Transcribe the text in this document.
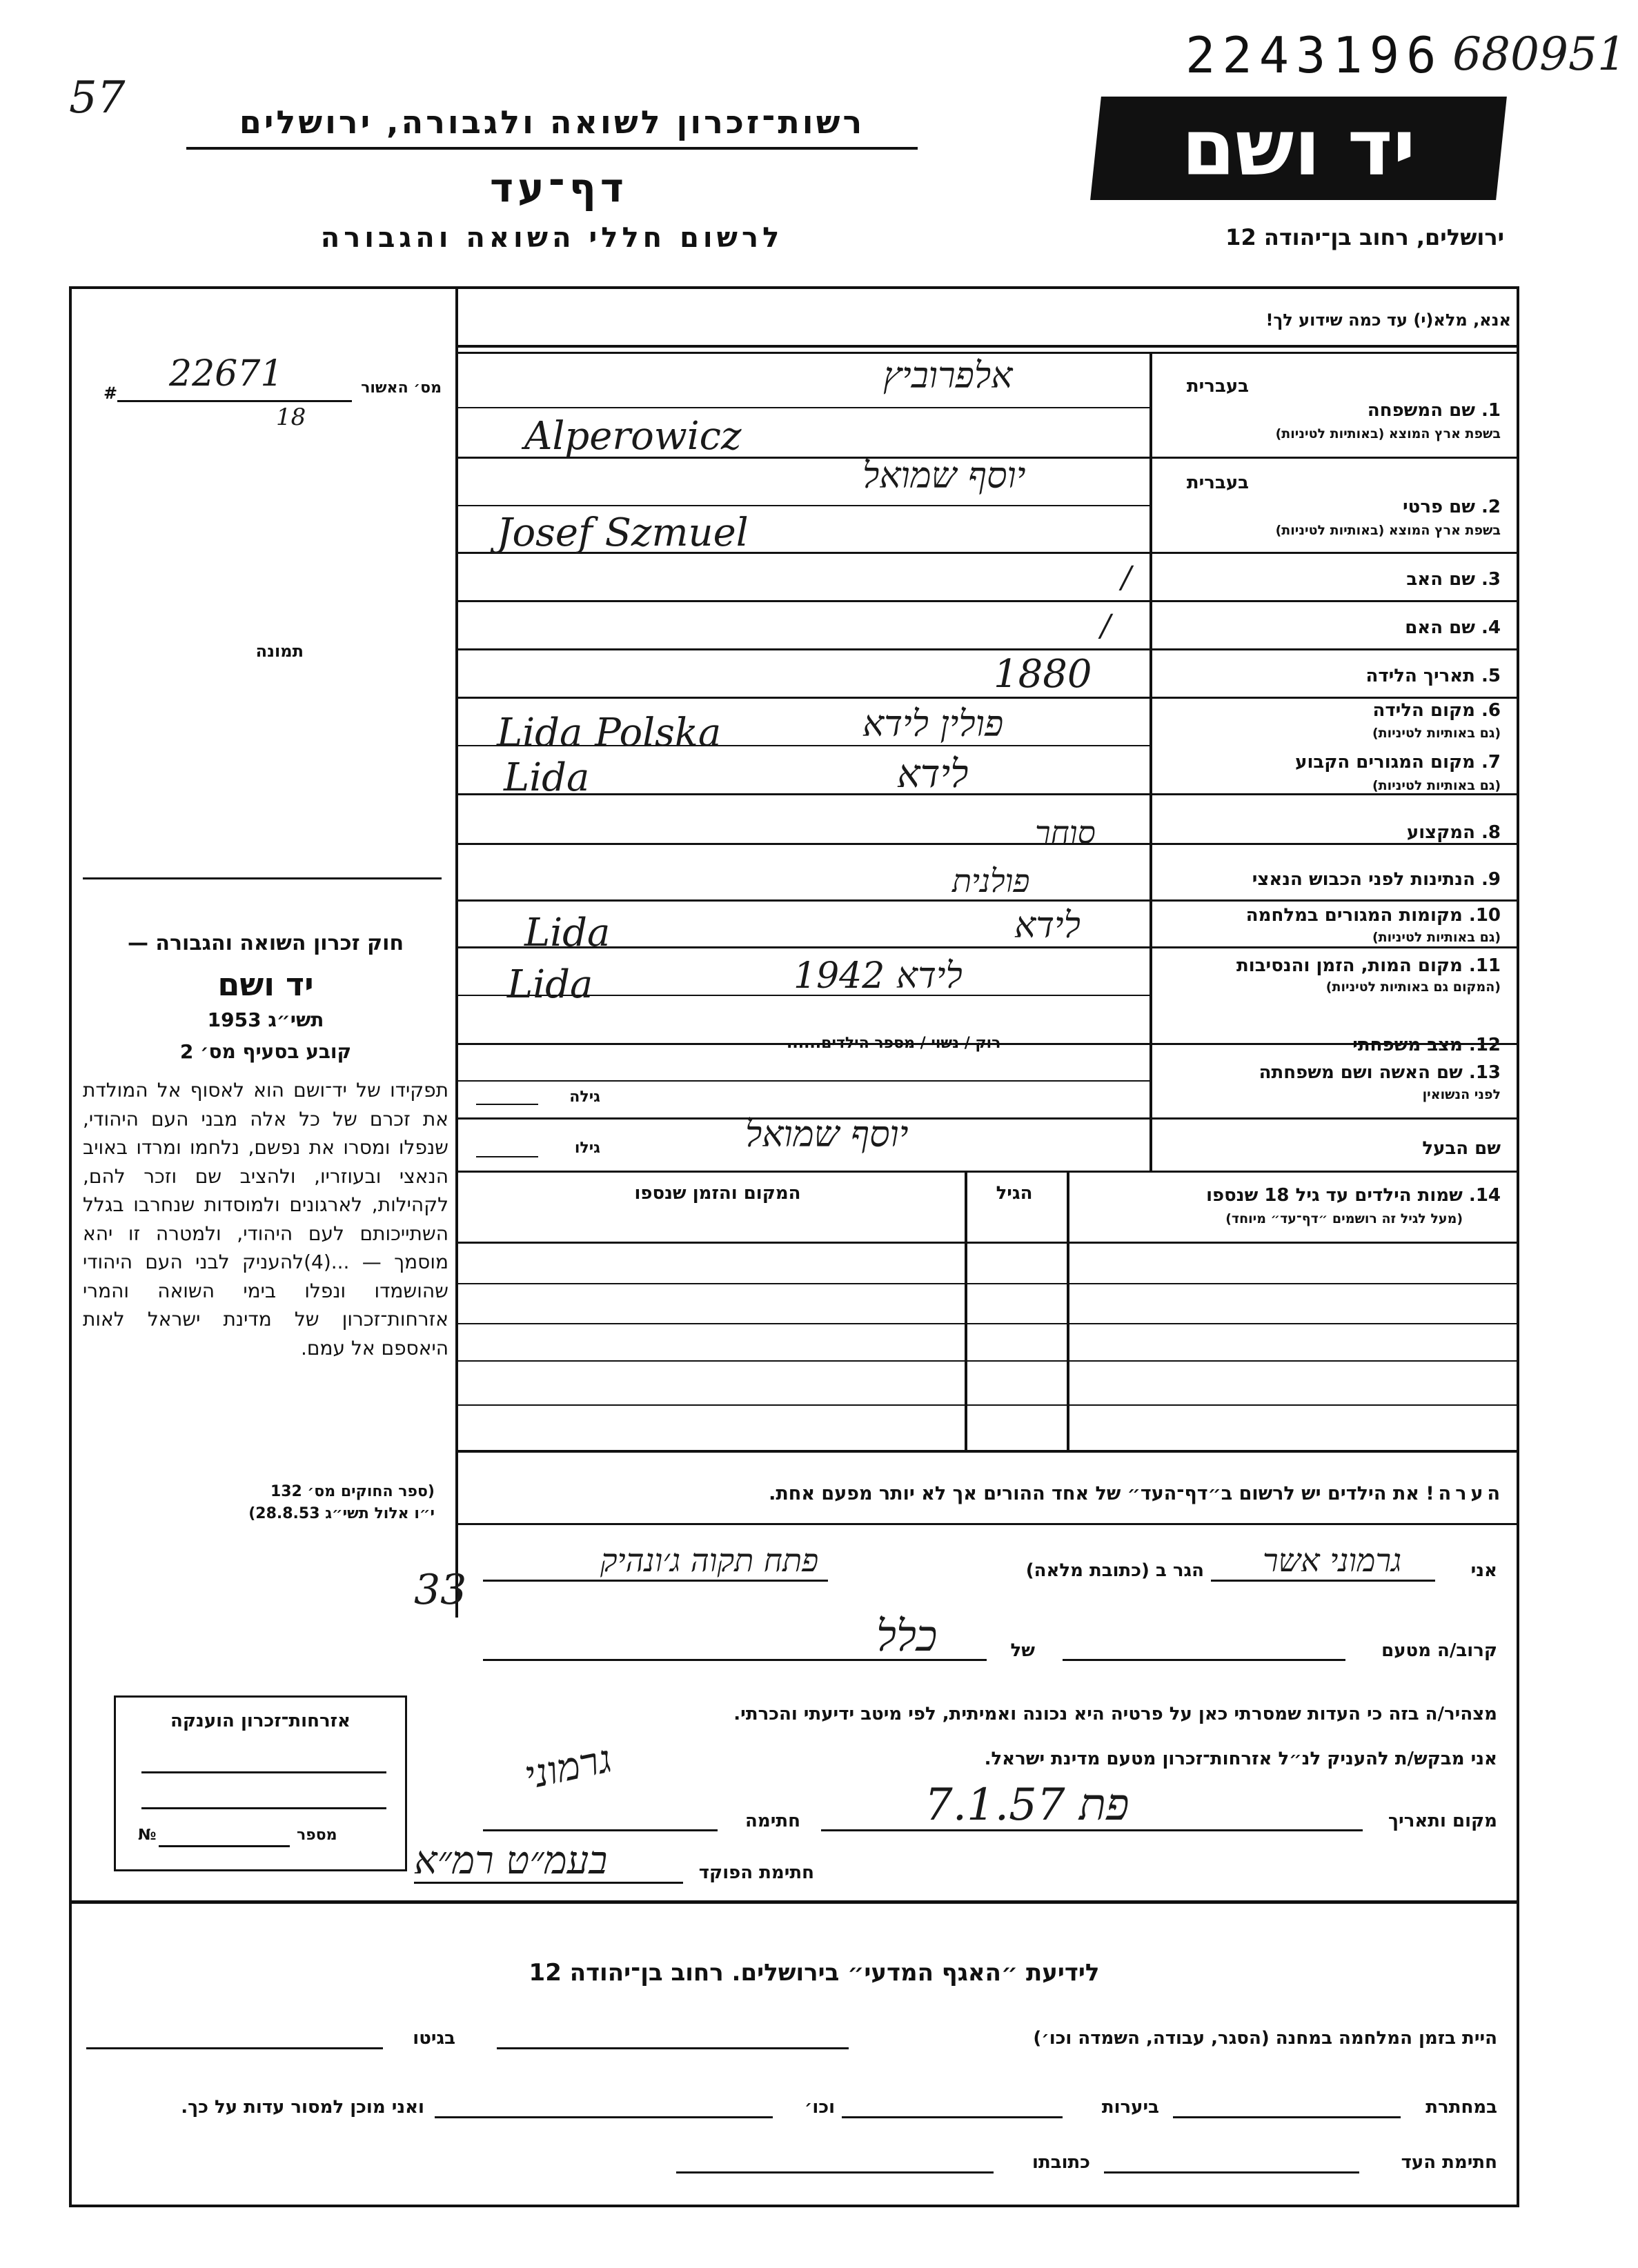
57
2243196 680951
רשות־זכרון לשואה ולגבורה, ירושלים
דף־עד
לרשום חללי השואה והגבורה
יד ושם
ירושלים, רחוב בן־יהודה 12
מס׳ האשור
# 22671
18
תמונה
חוק זכרון השואה והגבורה —
יד ושם
תשי״ג 1953
קובע בסעיף מס׳ 2
תפקידו של יד־ושם הוא לאסוף אל המולדת את זכרם של כל אלה מבני העם היהודי, שנפלו ומסרו את נפשם, נלחמו ומרדו באויב הנאצי ובעוזריו, ולהציב שם וזכר להם, לקהילות, לארגונים ולמוסדות שנחרבו בגלל השתייכותם לעם היהודי, ולמטרה זו יהא מוסמך — ...(4)להעניק לבני העם היהודי שהושמדו ונפלו בימי השואה והמרי אזרחות־זכרון של מדינת ישראל לאות היאספם אל עמם.
(ספר החוקים מס׳ 132
י״ו אלול תשי״ג 28.8.53)
אזרחות־זכרון הוענקה
מספר
№
אנא, מלא(י) עד כמה שידוע לך!
בעברית
1. שם המשפחה
בשפת ארץ המוצא (באותיות לטיניות)
אלפרוביץ
Alperowicz
בעברית
2. שם פרטי
בשפת ארץ המוצא (באותיות לטיניות)
יוסף שמואל
Josef Szmuel
3. שם האב
/
4. שם האם
/
5. תאריך הלידה
1880
6. מקום הלידה
(גם באותיות לטיניות)
פולין לידא
Lida Polska
7. מקום המגורים הקבוע
(גם באותיות לטיניות)
לידא
Lida
8. המקצוע
סוחר
9. הנתינות לפני הכבוש הנאצי
פולנית
10. מקומות המגורים במלחמה
(גם באותיות לטיניות)
לידא
Lida
11. מקום המות, הזמן והנסיבות
(המקום גם באותיות לטיניות)
לידא 1942
Lida
12. מצב משפחתי
רוק / נשוי / מספר הילדים......
13. שם האשה ושם משפחתה
לפני הנשואין
גילה
שם הבעל
גילו	יוסף שמואל
14. שמות הילדים עד גיל 18 שנספו
(מעל לגיל זה רושמים ״דף־עד״ מיוחד)
הגיל
המקום והזמן שנספו
הערה! את הילדים יש לרשום ב״דף־העד״ של אחד ההורים אך לא יותר מפעם אחת.
אני
גרמוני אשר
הגר ב (כתובת מלאה)
פתח תקוה ג׳ונהיק
33
קרוב/ה מטעם
של
כלל
מצהיר/ה בזה כי העדות שמסרתי כאן על פרטיה היא נכונה ואמיתית, לפי מיטב ידיעתי והכרתי.
אני מבקש/ת להעניק לנ״ל אזרחות־זכרון מטעם מדינת ישראל.
מקום ותאריך
פת 7.1.57
חתימה
גרמוני
חתימת הפוקד
בעמ״ט רמ״א
לידיעת ״האגף המדעי״ בירושלים. רחוב בן־יהודה 12
היית בזמן המלחמה במחנה (הסגר, עבודה, השמדה וכו׳)
בגיטו
במחתרת
ביערות
וכו׳
ואני מוכן למסור עדות על כך.
חתימת העד
כתובתו
